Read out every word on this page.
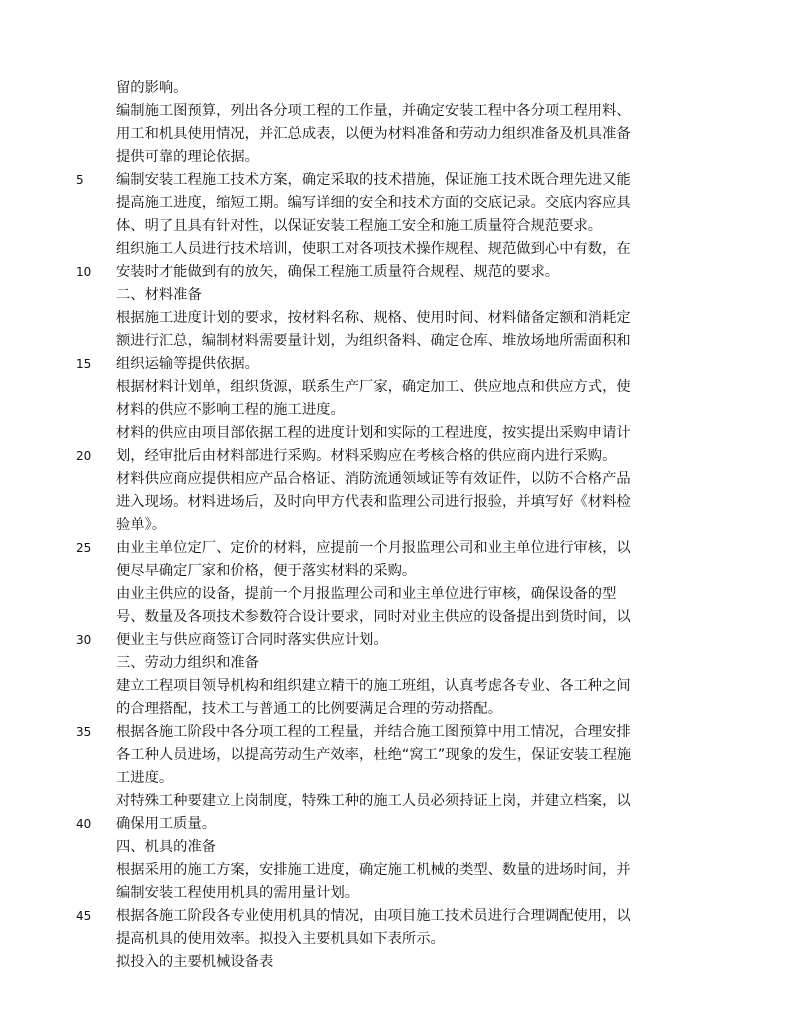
5
10
15
20
25
30
35
40
45
留的影响。
编制施工图预算，列出各分项工程的工作量，并确定安装工程中各分项工程用料、
用工和机具使用情况，并汇总成表，以便为材料准备和劳动力组织准备及机具准备
提供可靠的理论依据。
编制安装工程施工技术方案，确定采取的技术措施，保证施工技术既合理先进又能
提高施工进度，缩短工期。编写详细的安全和技术方面的交底记录。交底内容应具
体、明了且具有针对性，以保证安装工程施工安全和施工质量符合规范要求。
组织施工人员进行技术培训，使职工对各项技术操作规程、规范做到心中有数，在
安装时才能做到有的放矢，确保工程施工质量符合规程、规范的要求。
二、材料准备
根据施工进度计划的要求，按材料名称、规格、使用时间、材料储备定额和消耗定
额进行汇总，编制材料需要量计划，为组织备料、确定仓库、堆放场地所需面积和
组织运输等提供依据。
根据材料计划单，组织货源，联系生产厂家，确定加工、供应地点和供应方式，使
材料的供应不影响工程的施工进度。
材料的供应由项目部依据工程的进度计划和实际的工程进度，按实提出采购申请计
划，经审批后由材料部进行采购。材料采购应在考核合格的供应商内进行采购。
材料供应商应提供相应产品合格证、消防流通领域证等有效证件，以防不合格产品
进入现场。材料进场后，及时向甲方代表和监理公司进行报验，并填写好《材料检
验单》。
由业主单位定厂、定价的材料，应提前一个月报监理公司和业主单位进行审核，以
便尽早确定厂家和价格，便于落实材料的采购。
由业主供应的设备，提前一个月报监理公司和业主单位进行审核，确保设备的型
号、数量及各项技术参数符合设计要求，同时对业主供应的设备提出到货时间，以
便业主与供应商签订合同时落实供应计划。
三、劳动力组织和准备
建立工程项目领导机构和组织建立精干的施工班组，认真考虑各专业、各工种之间
的合理搭配，技术工与普通工的比例要满足合理的劳动搭配。
根据各施工阶段中各分项工程的工程量，并结合施工图预算中用工情况，合理安排
各工种人员进场，以提高劳动生产效率，杜绝“窝工”现象的发生，保证安装工程施
工进度。
对特殊工种要建立上岗制度，特殊工种的施工人员必须持证上岗，并建立档案，以
确保用工质量。
四、机具的准备
根据采用的施工方案，安排施工进度，确定施工机械的类型、数量的进场时间，并
编制安装工程使用机具的需用量计划。
根据各施工阶段各专业使用机具的情况，由项目施工技术员进行合理调配使用，以
提高机具的使用效率。拟投入主要机具如下表所示。
拟投入的主要机械设备表
